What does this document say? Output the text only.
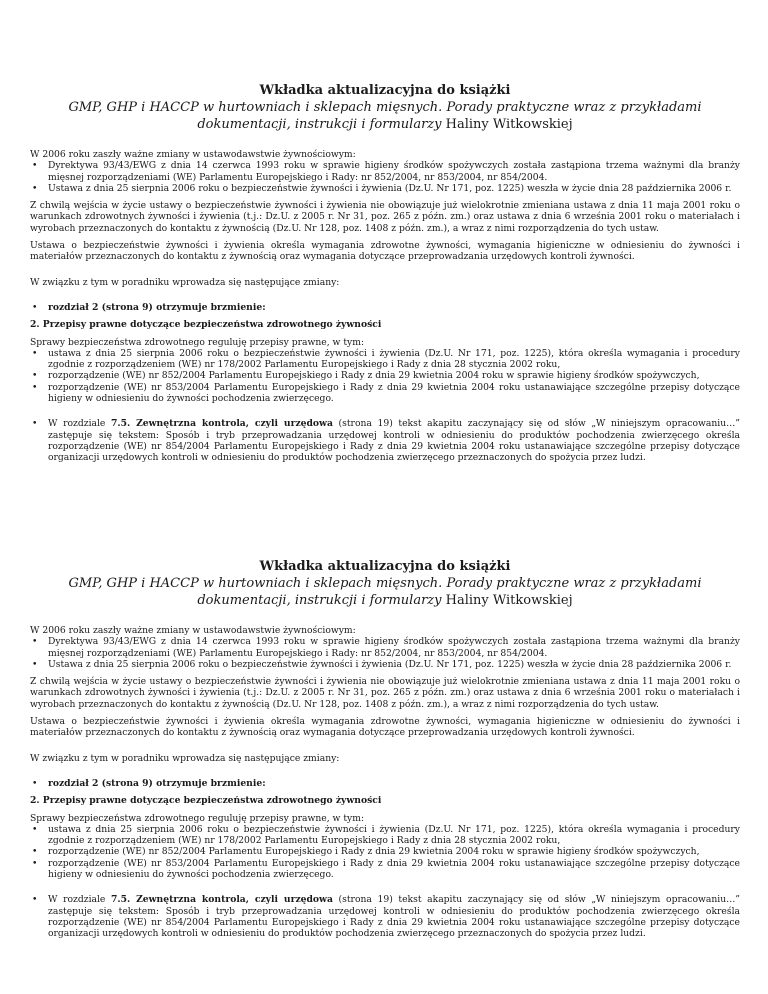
Wkładka aktualizacyjna do książki
GMP, GHP i HACCP w hurtowniach i sklepach mięsnych. Porady praktyczne wraz z przykładami dokumentacji, instrukcji i formularzy Haliny Witkowskiej

W 2006 roku zaszły ważne zmiany w ustawodawstwie żywnościowym:

• Dyrektywa 93/43/EWG z dnia 14 czerwca 1993 roku w sprawie higieny środków spożywczych została zastąpiona trzema ważnymi dla branży mięsnej rozporządzeniami (WE) Parlamentu Europejskiego i Rady: nr 852/2004, nr 853/2004, nr 854/2004.
• Ustawa z dnia 25 sierpnia 2006 roku o bezpieczeństwie żywności i żywienia (Dz.U. Nr 171, poz. 1225) weszła w życie dnia 28 października 2006 r.

Z chwilą wejścia w życie ustawy o bezpieczeństwie żywności i żywienia nie obowiązuje już wielokrotnie zmieniana ustawa z dnia 11 maja 2001 roku o warunkach zdrowotnych żywności i żywienia (t.j.: Dz.U. z 2005 r. Nr 31, poz. 265 z późn. zm.) oraz ustawa z dnia 6 września 2001 roku o materiałach i wyrobach przeznaczonych do kontaktu z żywnością (Dz.U. Nr 128, poz. 1408 z późn. zm.), a wraz z nimi rozporządzenia do tych ustaw.

Ustawa o bezpieczeństwie żywności i żywienia określa wymagania zdrowotne żywności, wymagania higieniczne w odniesieniu do żywności i materiałów przeznaczonych do kontaktu z żywnością oraz wymagania dotyczące przeprowadzania urzędowych kontroli żywności.

W związku z tym w poradniku wprowadza się następujące zmiany:

• rozdział 2 (strona 9) otrzymuje brzmienie:

2. Przepisy prawne dotyczące bezpieczeństwa zdrowotnego żywności

Sprawy bezpieczeństwa zdrowotnego reguluję przepisy prawne, w tym:

• ustawa z dnia 25 sierpnia 2006 roku o bezpieczeństwie żywności i żywienia (Dz.U. Nr 171, poz. 1225), która określa wymagania i procedury zgodnie z rozporządzeniem (WE) nr 178/2002 Parlamentu Europejskiego i Rady z dnia 28 stycznia 2002 roku,
• rozporządzenie (WE) nr 852/2004 Parlamentu Europejskiego i Rady z dnia 29 kwietnia 2004 roku w sprawie higieny środków spożywczych,
• rozporządzenie (WE) nr 853/2004 Parlamentu Europejskiego i Rady z dnia 29 kwietnia 2004 roku ustanawiające szczególne przepisy dotyczące higieny w odniesieniu do żywności pochodzenia zwierzęcego.
• W rozdziale 7.5. Zewnętrzna kontrola, czyli urzędowa (strona 19) tekst akapitu zaczynający się od słów „W niniejszym opracowaniu…” zastępuje się tekstem: Sposób i tryb przeprowadzania urzędowej kontroli w odniesieniu do produktów pochodzenia zwierzęcego określa rozporządzenie (WE) nr 854/2004 Parlamentu Europejskiego i Rady z dnia 29 kwietnia 2004 roku ustanawiające szczególne przepisy dotyczące organizacji urzędowych kontroli w odniesieniu do produktów pochodzenia zwierzęcego przeznaczonych do spożycia przez ludzi.
Wkładka aktualizacyjna do książki
GMP, GHP i HACCP w hurtowniach i sklepach mięsnych. Porady praktyczne wraz z przykładami dokumentacji, instrukcji i formularzy Haliny Witkowskiej

W 2006 roku zaszły ważne zmiany w ustawodawstwie żywnościowym:

• Dyrektywa 93/43/EWG z dnia 14 czerwca 1993 roku w sprawie higieny środków spożywczych została zastąpiona trzema ważnymi dla branży mięsnej rozporządzeniami (WE) Parlamentu Europejskiego i Rady: nr 852/2004, nr 853/2004, nr 854/2004.
• Ustawa z dnia 25 sierpnia 2006 roku o bezpieczeństwie żywności i żywienia (Dz.U. Nr 171, poz. 1225) weszła w życie dnia 28 października 2006 r.

Z chwilą wejścia w życie ustawy o bezpieczeństwie żywności i żywienia nie obowiązuje już wielokrotnie zmieniana ustawa z dnia 11 maja 2001 roku o warunkach zdrowotnych żywności i żywienia (t.j.: Dz.U. z 2005 r. Nr 31, poz. 265 z późn. zm.) oraz ustawa z dnia 6 września 2001 roku o materiałach i wyrobach przeznaczonych do kontaktu z żywnością (Dz.U. Nr 128, poz. 1408 z późn. zm.), a wraz z nimi rozporządzenia do tych ustaw.

Ustawa o bezpieczeństwie żywności i żywienia określa wymagania zdrowotne żywności, wymagania higieniczne w odniesieniu do żywności i materiałów przeznaczonych do kontaktu z żywnością oraz wymagania dotyczące przeprowadzania urzędowych kontroli żywności.

W związku z tym w poradniku wprowadza się następujące zmiany:

• rozdział 2 (strona 9) otrzymuje brzmienie:

2. Przepisy prawne dotyczące bezpieczeństwa zdrowotnego żywności

Sprawy bezpieczeństwa zdrowotnego reguluję przepisy prawne, w tym:

• ustawa z dnia 25 sierpnia 2006 roku o bezpieczeństwie żywności i żywienia (Dz.U. Nr 171, poz. 1225), która określa wymagania i procedury zgodnie z rozporządzeniem (WE) nr 178/2002 Parlamentu Europejskiego i Rady z dnia 28 stycznia 2002 roku,
• rozporządzenie (WE) nr 852/2004 Parlamentu Europejskiego i Rady z dnia 29 kwietnia 2004 roku w sprawie higieny środków spożywczych,
• rozporządzenie (WE) nr 853/2004 Parlamentu Europejskiego i Rady z dnia 29 kwietnia 2004 roku ustanawiające szczególne przepisy dotyczące higieny w odniesieniu do żywności pochodzenia zwierzęcego.
• W rozdziale 7.5. Zewnętrzna kontrola, czyli urzędowa (strona 19) tekst akapitu zaczynający się od słów „W niniejszym opracowaniu…” zastępuje się tekstem: Sposób i tryb przeprowadzania urzędowej kontroli w odniesieniu do produktów pochodzenia zwierzęcego określa rozporządzenie (WE) nr 854/2004 Parlamentu Europejskiego i Rady z dnia 29 kwietnia 2004 roku ustanawiające szczególne przepisy dotyczące organizacji urzędowych kontroli w odniesieniu do produktów pochodzenia zwierzęcego przeznaczonych do spożycia przez ludzi.
